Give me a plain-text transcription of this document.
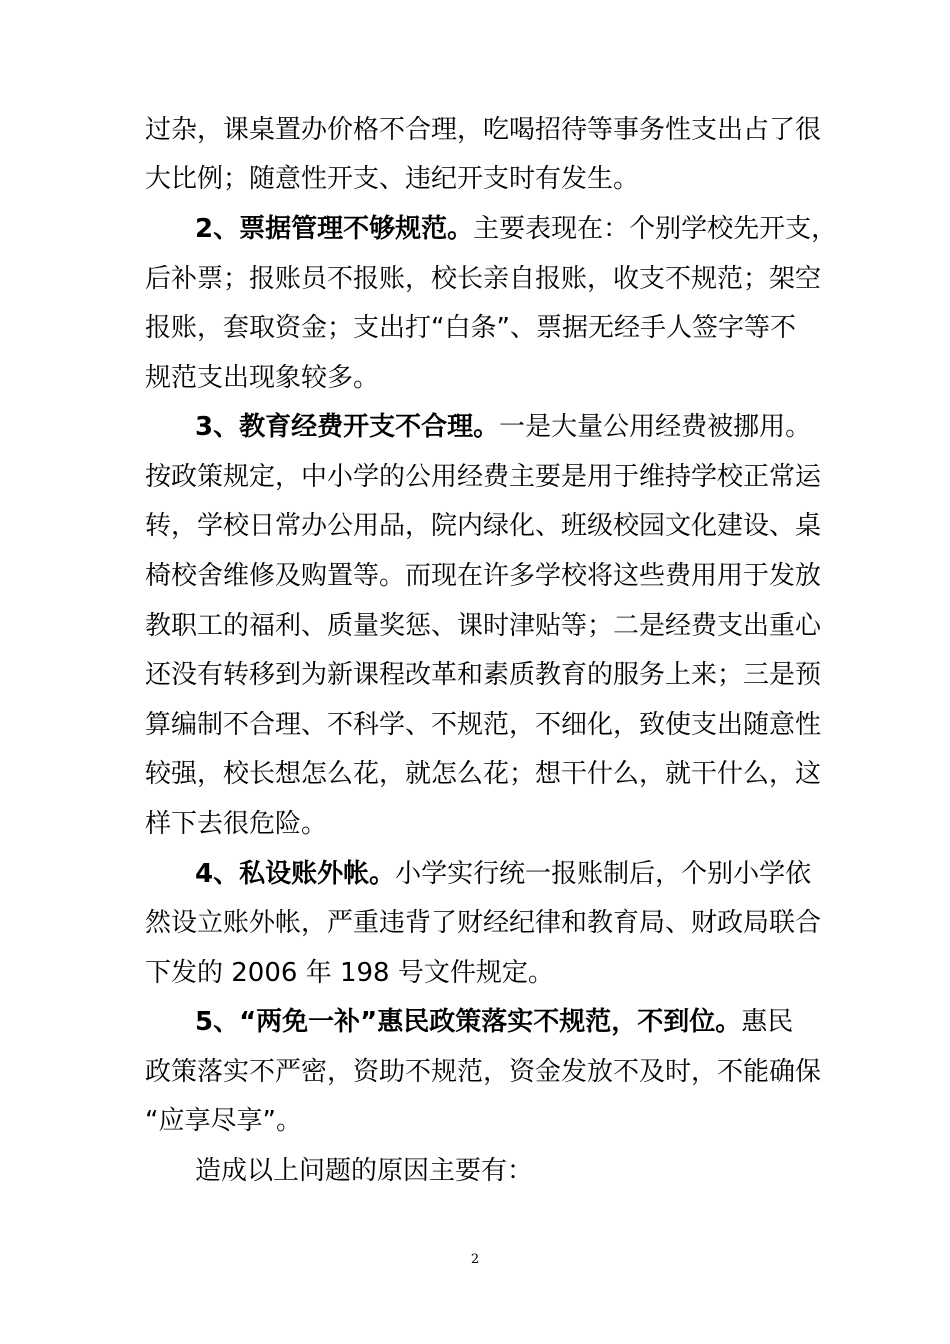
过杂，课桌置办价格不合理，吃喝招待等事务性支出占了很
大比例；随意性开支、违纪开支时有发生。
2、票据管理不够规范。主要表现在：个别学校先开支，
后补票；报账员不报账，校长亲自报账，收支不规范；架空
报账，套取资金；支出打“白条”、票据无经手人签字等不
规范支出现象较多。
3、教育经费开支不合理。一是大量公用经费被挪用。
按政策规定，中小学的公用经费主要是用于维持学校正常运
转，学校日常办公用品，院内绿化、班级校园文化建设、桌
椅校舍维修及购置等。而现在许多学校将这些费用用于发放
教职工的福利、质量奖惩、课时津贴等；二是经费支出重心
还没有转移到为新课程改革和素质教育的服务上来；三是预
算编制不合理、不科学、不规范，不细化，致使支出随意性
较强，校长想怎么花，就怎么花；想干什么，就干什么，这
样下去很危险。
4、私设账外帐。小学实行统一报账制后，个别小学依
然设立账外帐，严重违背了财经纪律和教育局、财政局联合
下发的 2006 年 198 号文件规定。
5、“两免一补”惠民政策落实不规范，不到位。惠民
政策落实不严密，资助不规范，资金发放不及时，不能确保
“应享尽享”。
造成以上问题的原因主要有：
2
